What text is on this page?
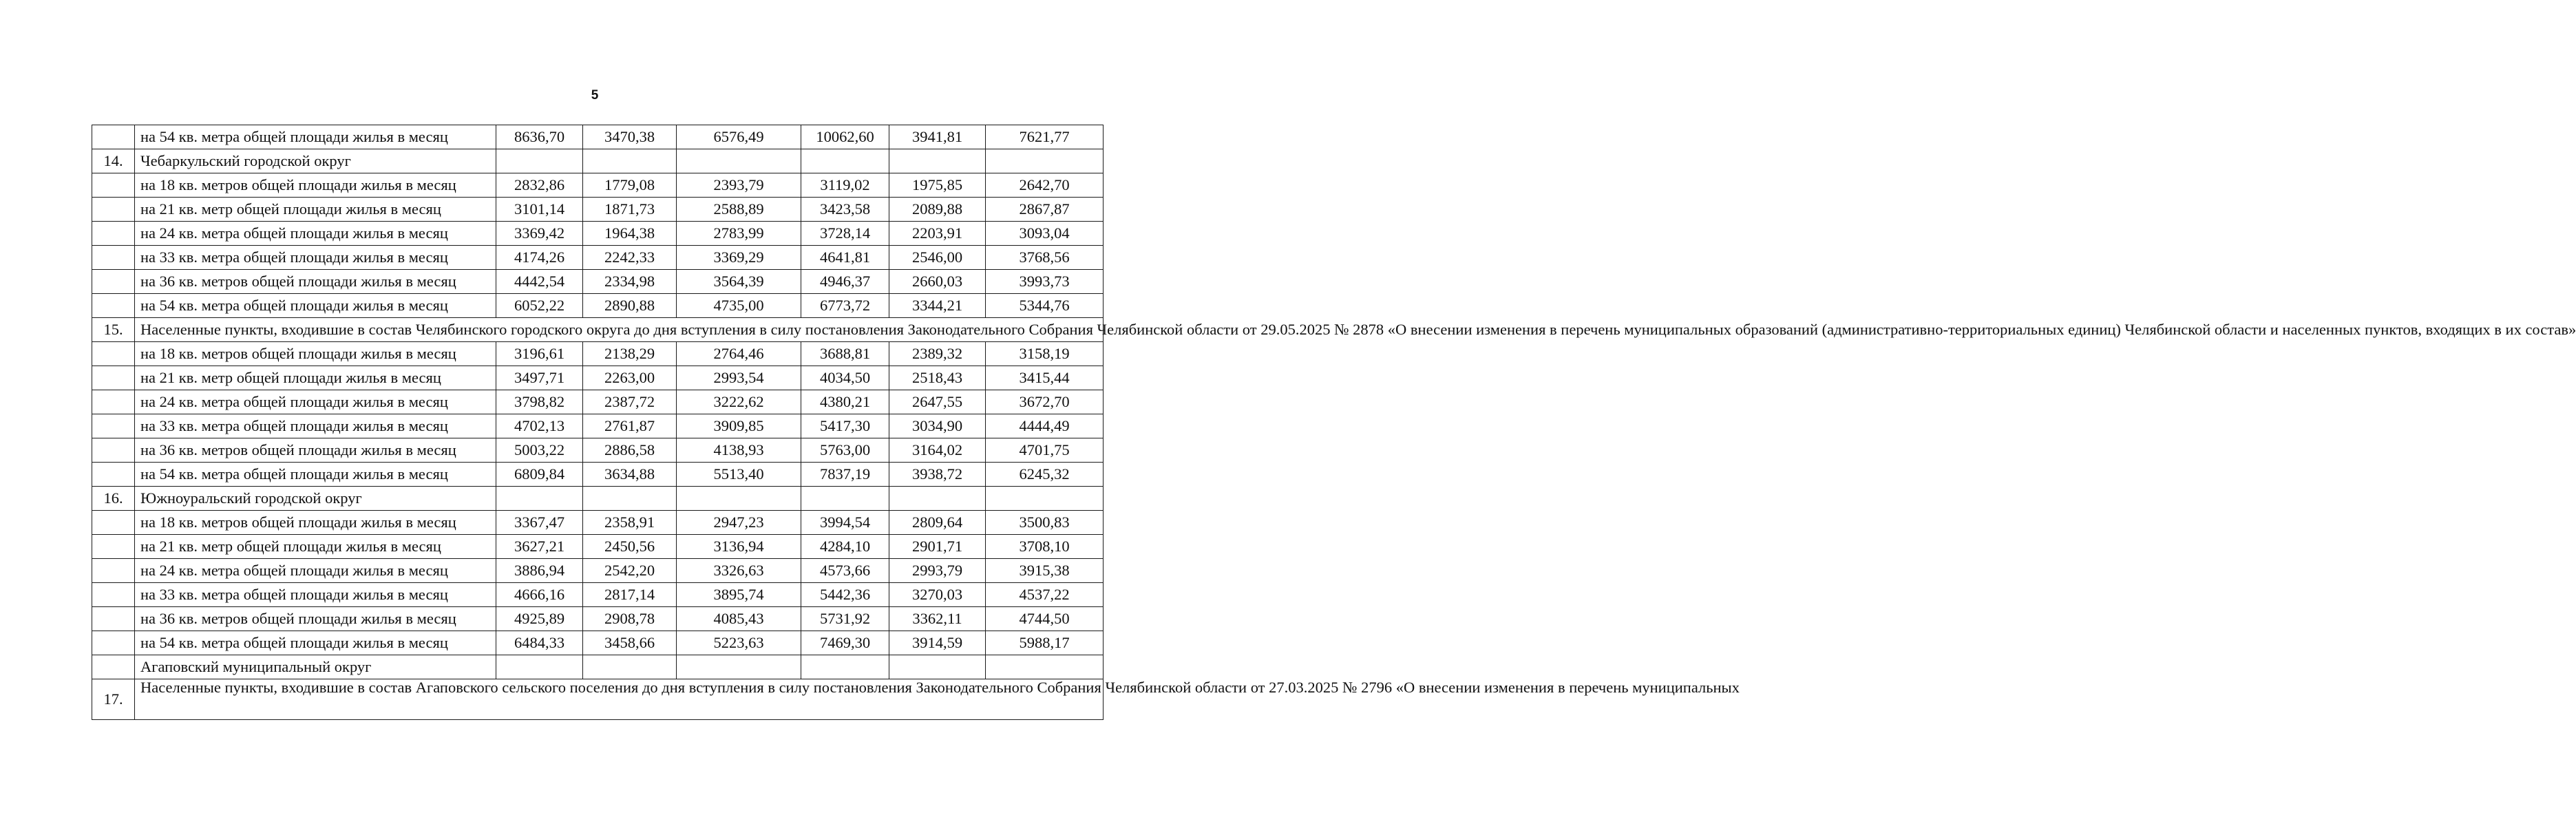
5
	на 54 кв. метра общей площади жилья в месяц	8636,70	3470,38	6576,49	10062,60	3941,81	7621,77
14.	Чебаркульский городской округ						
	на 18 кв. метров общей площади жилья в месяц	2832,86	1779,08	2393,79	3119,02	1975,85	2642,70
	на 21 кв. метр общей площади жилья в месяц	3101,14	1871,73	2588,89	3423,58	2089,88	2867,87
	на 24 кв. метра общей площади жилья в месяц	3369,42	1964,38	2783,99	3728,14	2203,91	3093,04
	на 33 кв. метра общей площади жилья в месяц	4174,26	2242,33	3369,29	4641,81	2546,00	3768,56
	на 36 кв. метров общей площади жилья в месяц	4442,54	2334,98	3564,39	4946,37	2660,03	3993,73
	на 54 кв. метра общей площади жилья в месяц	6052,22	2890,88	4735,00	6773,72	3344,21	5344,76
15.	Населенные пункты, входившие в состав Челябинского городского округа до дня вступления в силу постановления Законодательного Собрания Челябинской области от 29.05.2025 № 2878 «О внесении изменения в перечень муниципальных образований (административно-территориальных единиц) Челябинской области и населенных пунктов, входящих в их состав»						
	на 18 кв. метров общей площади жилья в месяц	3196,61	2138,29	2764,46	3688,81	2389,32	3158,19
	на 21 кв. метр общей площади жилья в месяц	3497,71	2263,00	2993,54	4034,50	2518,43	3415,44
	на 24 кв. метра общей площади жилья в месяц	3798,82	2387,72	3222,62	4380,21	2647,55	3672,70
	на 33 кв. метра общей площади жилья в месяц	4702,13	2761,87	3909,85	5417,30	3034,90	4444,49
	на 36 кв. метров общей площади жилья в месяц	5003,22	2886,58	4138,93	5763,00	3164,02	4701,75
	на 54 кв. метра общей площади жилья в месяц	6809,84	3634,88	5513,40	7837,19	3938,72	6245,32
16.	Южноуральский городской округ						
	на 18 кв. метров общей площади жилья в месяц	3367,47	2358,91	2947,23	3994,54	2809,64	3500,83
	на 21 кв. метр общей площади жилья в месяц	3627,21	2450,56	3136,94	4284,10	2901,71	3708,10
	на 24 кв. метра общей площади жилья в месяц	3886,94	2542,20	3326,63	4573,66	2993,79	3915,38
	на 33 кв. метра общей площади жилья в месяц	4666,16	2817,14	3895,74	5442,36	3270,03	4537,22
	на 36 кв. метров общей площади жилья в месяц	4925,89	2908,78	4085,43	5731,92	3362,11	4744,50
	на 54 кв. метра общей площади жилья в месяц	6484,33	3458,66	5223,63	7469,30	3914,59	5988,17
	Агаповский муниципальный округ						
17.	Населенные пункты, входившие в состав Агаповского сельского поселения до дня вступления в силу постановления Законодательного Собрания Челябинской области от 27.03.2025 № 2796 «О внесении изменения в перечень муниципальных						
